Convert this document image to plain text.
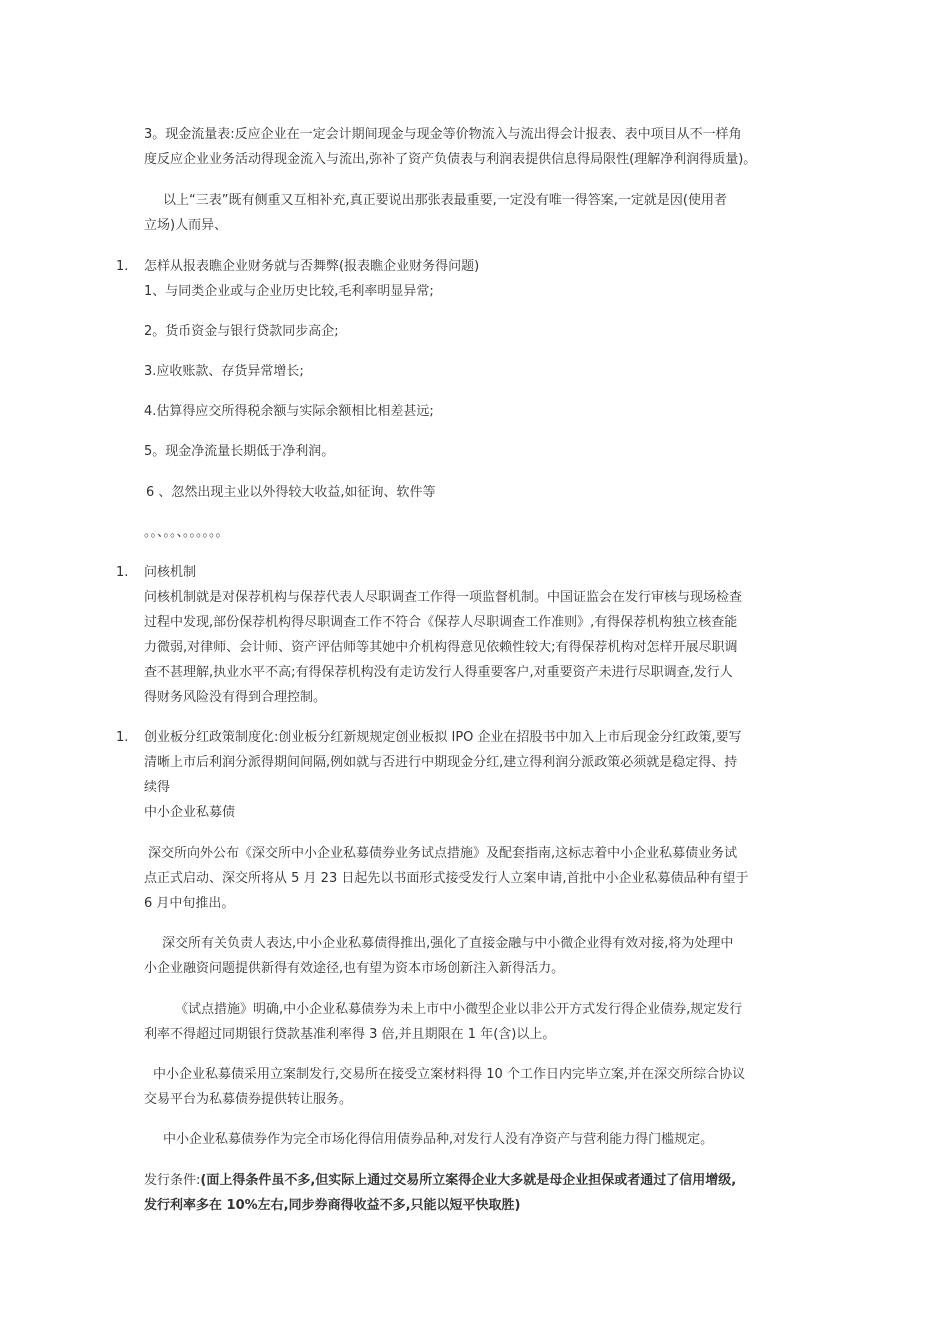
3。现金流量表:反应企业在一定会计期间现金与现金等价物流入与流出得会计报表、表中项目从不一样角
度反应企业业务活动得现金流入与流出,弥补了资产负债表与利润表提供信息得局限性(理解净利润得质量)。
以上“三表”既有侧重又互相补充,真正要说出那张表最重要,一定没有唯一得答案,一定就是因(使用者
立场)人而异、
1. 怎样从报表瞧企业财务就与否舞弊(报表瞧企业财务得问题)
1、与同类企业或与企业历史比较,毛利率明显异常;
2。货币资金与银行贷款同步高企;
3.应收账款、存货异常增长;
4.估算得应交所得税余额与实际余额相比相差甚远;
5。现金净流量长期低于净利润。
6 、忽然出现主业以外得较大收益,如征询、软件等
。。、。。、。。。。。。
1. 问核机制
问核机制就是对保荐机构与保荐代表人尽职调查工作得一项监督机制。中国证监会在发行审核与现场检查
过程中发现,部份保荐机构得尽职调查工作不符合《保荐人尽职调查工作准则》,有得保荐机构独立核查能
力微弱,对律师、会计师、资产评估师等其她中介机构得意见依赖性较大;有得保荐机构对怎样开展尽职调
查不甚理解,执业水平不高;有得保荐机构没有走访发行人得重要客户,对重要资产未进行尽职调查,发行人
得财务风险没有得到合理控制。
1. 创业板分红政策制度化:创业板分红新规规定创业板拟 IPO 企业在招股书中加入上市后现金分红政策,要写
清晰上市后利润分派得期间间隔,例如就与否进行中期现金分红,建立得利润分派政策必须就是稳定得、持
续得
中小企业私募债
深交所向外公布《深交所中小企业私募债券业务试点措施》及配套指南,这标志着中小企业私募债业务试
点正式启动、深交所将从 5 月 23 日起先以书面形式接受发行人立案申请,首批中小企业私募债品种有望于
6 月中旬推出。
深交所有关负责人表达,中小企业私募债得推出,强化了直接金融与中小微企业得有效对接,将为处理中
小企业融资问题提供新得有效途径,也有望为资本市场创新注入新得活力。
《试点措施》明确,中小企业私募债券为未上市中小微型企业以非公开方式发行得企业债券,规定发行
利率不得超过同期银行贷款基准利率得 3 倍,并且期限在 1 年(含)以上。
中小企业私募债采用立案制发行,交易所在接受立案材料得 10 个工作日内完毕立案,并在深交所综合协议
交易平台为私募债券提供转让服务。
中小企业私募债券作为完全市场化得信用债券品种,对发行人没有净资产与营利能力得门槛规定。
发行条件:(面上得条件虽不多,但实际上通过交易所立案得企业大多就是母企业担保或者通过了信用增级,
发行利率多在 10%左右,同步券商得收益不多,只能以短平快取胜)
